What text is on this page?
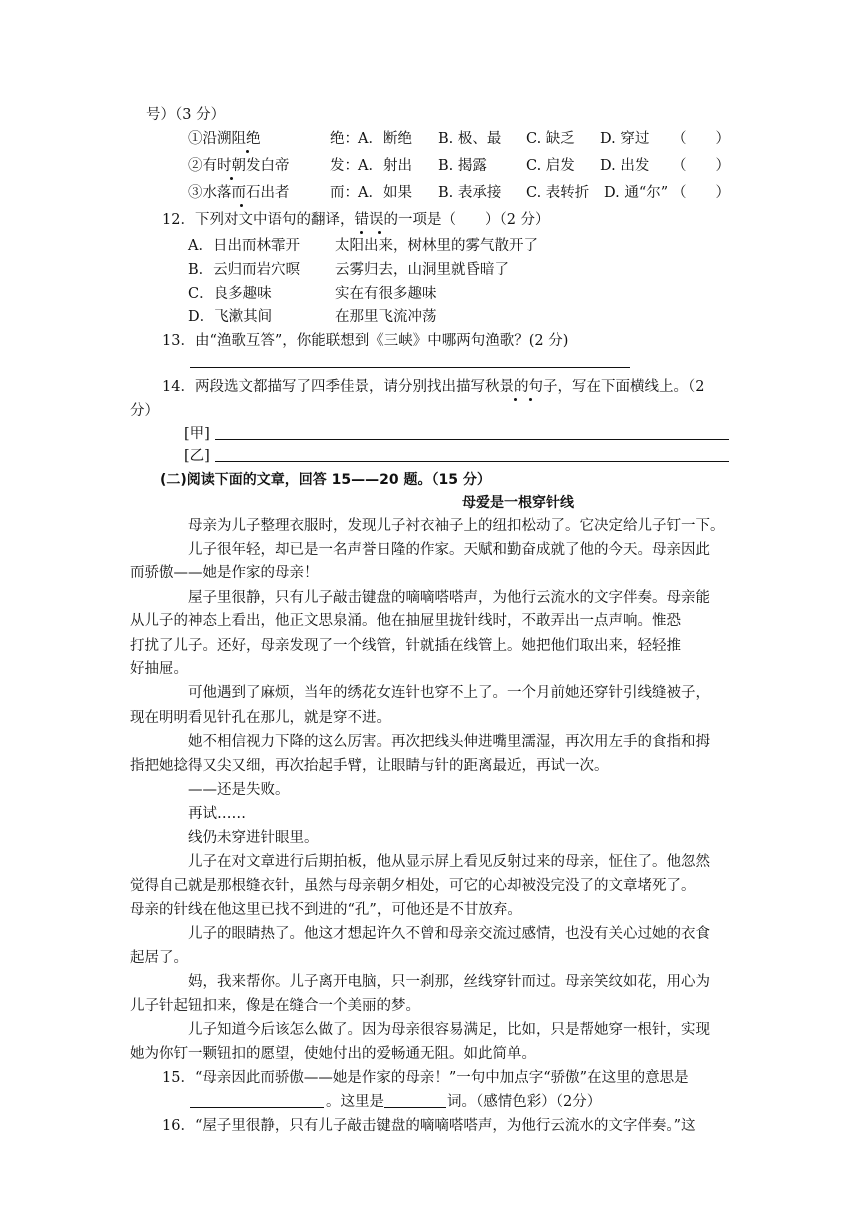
号）（3 分）
①沿溯阻绝	绝： A．断绝 B. 极、最 C. 缺乏 D. 穿过 （　　）
②有时朝发白帝	发： A．射出 B. 揭露	C. 启发 D. 出发 （　　）
③水落而石出者	而： A．如果 B. 表承接 C. 表转折 D. 通“尔” （　　）
12．下列对文中语句的翻译，错误的一项是（　　）（2 分）
A．日出而林霏开 太阳出来，树林里的雾气散开了
B．云归而岩穴暝 云雾归去，山洞里就昏暗了
C．良多趣味	实在有很多趣味
D．飞漱其间	在那里飞流冲荡
13．由“渔歌互答”，你能联想到《三峡》中哪两句渔歌？(2 分)
14．两段选文都描写了四季佳景，请分别找出描写秋景的句子，写在下面横线上。（2
分）
[甲]
[乙]
(二)阅读下面的文章，回答 15——20 题。（15 分）
母爱是一根穿针线
母亲为儿子整理衣服时，发现儿子衬衣袖子上的纽扣松动了。它决定给儿子钉一下。
儿子很年轻，却已是一名声誉日隆的作家。天赋和勤奋成就了他的今天。母亲因此
而骄傲——她是作家的母亲！
屋子里很静，只有儿子敲击键盘的嘀嘀嗒嗒声，为他行云流水的文字伴奏。母亲能
从儿子的神态上看出，他正文思泉涌。他在抽屉里拢针线时，不敢弄出一点声响。惟恐
打扰了儿子。还好，母亲发现了一个线管，针就插在线管上。她把他们取出来，轻轻推
好抽屉。
可他遇到了麻烦，当年的绣花女连针也穿不上了。一个月前她还穿针引线缝被子，
现在明明看见针孔在那儿，就是穿不进。
她不相信视力下降的这么厉害。再次把线头伸进嘴里濡湿，再次用左手的食指和拇
指把她捻得又尖又细，再次抬起手臂，让眼睛与针的距离最近，再试一次。
——还是失败。
再试……
线仍未穿进针眼里。
儿子在对文章进行后期拍板，他从显示屏上看见反射过来的母亲，怔住了。他忽然
觉得自己就是那根缝衣针，虽然与母亲朝夕相处，可它的心却被没完没了的文章堵死了。
母亲的针线在他这里已找不到进的“孔”，可他还是不甘放弃。
儿子的眼睛热了。他这才想起许久不曾和母亲交流过感情，也没有关心过她的衣食
起居了。
妈，我来帮你。儿子离开电脑，只一刹那，丝线穿针而过。母亲笑纹如花，用心为
儿子针起钮扣来，像是在缝合一个美丽的梦。
儿子知道今后该怎么做了。因为母亲很容易满足，比如，只是帮她穿一根针，实现
她为你钉一颗钮扣的愿望，使她付出的爱畅通无阻。如此简单。
15．“母亲因此而骄傲——她是作家的母亲！”一句中加点字“骄傲”在这里的意思是
。这里是	词。（感情色彩）（2分）
16．“屋子里很静，只有儿子敲击键盘的嘀嘀嗒嗒声，为他行云流水的文字伴奏。”这
